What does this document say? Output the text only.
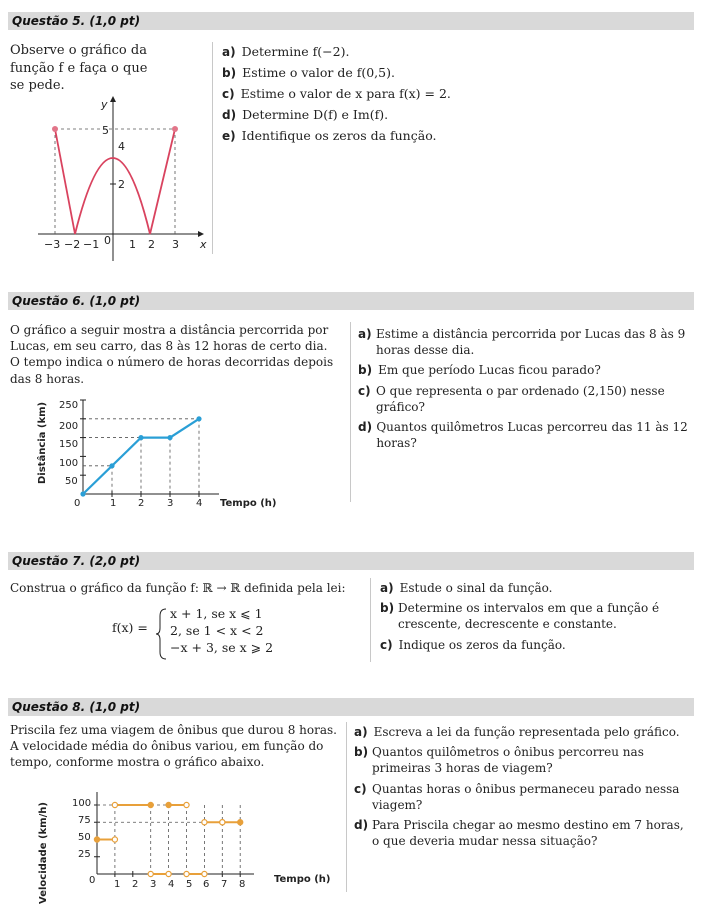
Questão 5. (1,0 pt)
Observe o gráfico da
função f e faça o que
se pede.
a) Determine f(−2).
b) Estime o valor de f(0,5).
c) Estime o valor de x para f(x) = 2.
d) Determine D(f) e Im(f).
e) Identifique os zeros da função.
y
x
5
4
2
−3 −2 −1 0 1 2 3
Questão 6. (1,0 pt)
O gráfico a seguir mostra a distância percorrida por
Lucas, em seu carro, das 8 às 12 horas de certo dia.
O tempo indica o número de horas decorridas depois
das 8 horas.
a) Estime a distância percorrida por Lucas das 8 às 9 horas desse dia.
b) Em que período Lucas ficou parado?
c) O que representa o par ordenado (2,150) nesse gráfico?
d) Quantos quilômetros Lucas percorreu das 11 às 12 horas?
Distância (km) 250
200
150
100
50
0	1 2 3 4 Tempo (h)
Questão 7. (2,0 pt)
Construa o gráfico da função f: ℝ → ℝ definida pela lei:
f(x) =
x + 1, se x ⩽ 1
2, se 1 < x < 2
−x + 3, se x ⩾ 2
a) Estude o sinal da função.
b) Determine os intervalos em que a função é crescente, decrescente e constante.
c) Indique os zeros da função.
Questão 8. (1,0 pt)
Priscila fez uma viagem de ônibus que durou 8 horas.
A velocidade média do ônibus variou, em função do
tempo, conforme mostra o gráfico abaixo.
a) Escreva a lei da função representada pelo gráfico.
b) Quantos quilômetros o ônibus percorreu nas primeiras 3 horas de viagem?
c) Quantas horas o ônibus permaneceu parado nessa viagem?
d) Para Priscila chegar ao mesmo destino em 7 horas, o que deveria mudar nessa situação?
Velocidade (km/h) 100
75
50
25
0 1 2 3 4 5 6 7 8	Tempo (h)
